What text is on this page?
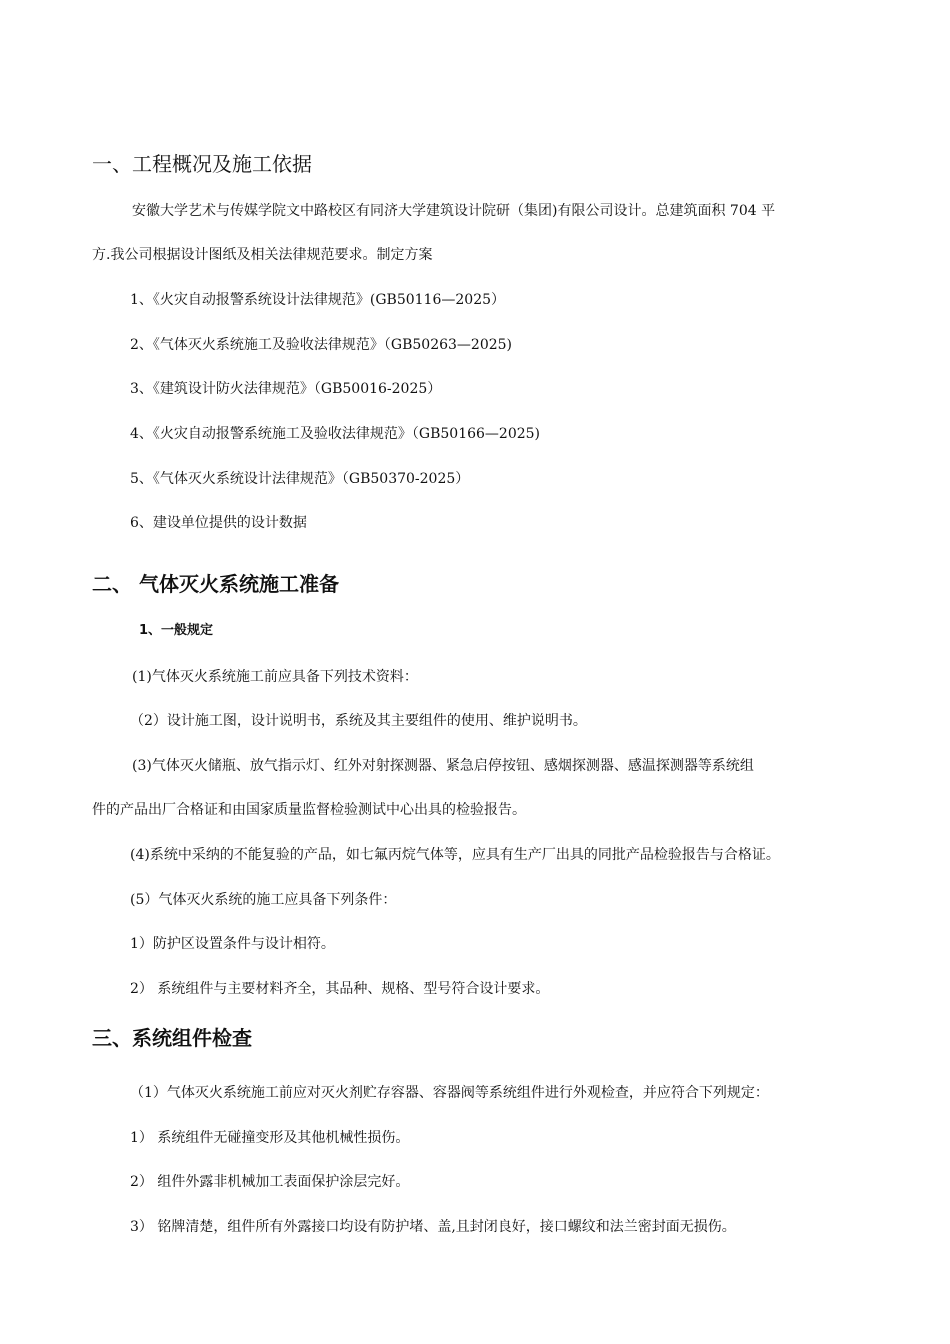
一、工程概况及施工依据
安徽大学艺术与传媒学院文中路校区有同济大学建筑设计院研（集团)有限公司设计。总建筑面积 704 平
方.我公司根据设计图纸及相关法律规范要求。制定方案
1、《火灾自动报警系统设计法律规范》(GB50116—2025）
2、《气体灭火系统施工及验收法律规范》（GB50263—2025)
3、《建筑设计防火法律规范》（GB50016-2025）
4、《火灾自动报警系统施工及验收法律规范》（GB50166—2025)
5、《气体灭火系统设计法律规范》（GB50370-2025）
6、建设单位提供的设计数据
二、 气体灭火系统施工准备
1、一般规定
(1)气体灭火系统施工前应具备下列技术资料：
（2）设计施工图，设计说明书，系统及其主要组件的使用、维护说明书。
(3)气体灭火储瓶、放气指示灯、红外对射探测器、紧急启停按钮、感烟探测器、感温探测器等系统组
件的产品出厂合格证和由国家质量监督检验测试中心出具的检验报告。
(4)系统中采纳的不能复验的产品，如七氟丙烷气体等，应具有生产厂出具的同批产品检验报告与合格证。
(5）气体灭火系统的施工应具备下列条件：
1）防护区设置条件与设计相符。
2） 系统组件与主要材料齐全，其品种、规格、型号符合设计要求。
三、系统组件检查
（1）气体灭火系统施工前应对灭火剂贮存容器、容器阀等系统组件进行外观检查，并应符合下列规定：
1） 系统组件无碰撞变形及其他机械性损伤。
2） 组件外露非机械加工表面保护涂层完好。
3） 铭牌清楚，组件所有外露接口均设有防护堵、盖,且封闭良好，接口螺纹和法兰密封面无损伤。
